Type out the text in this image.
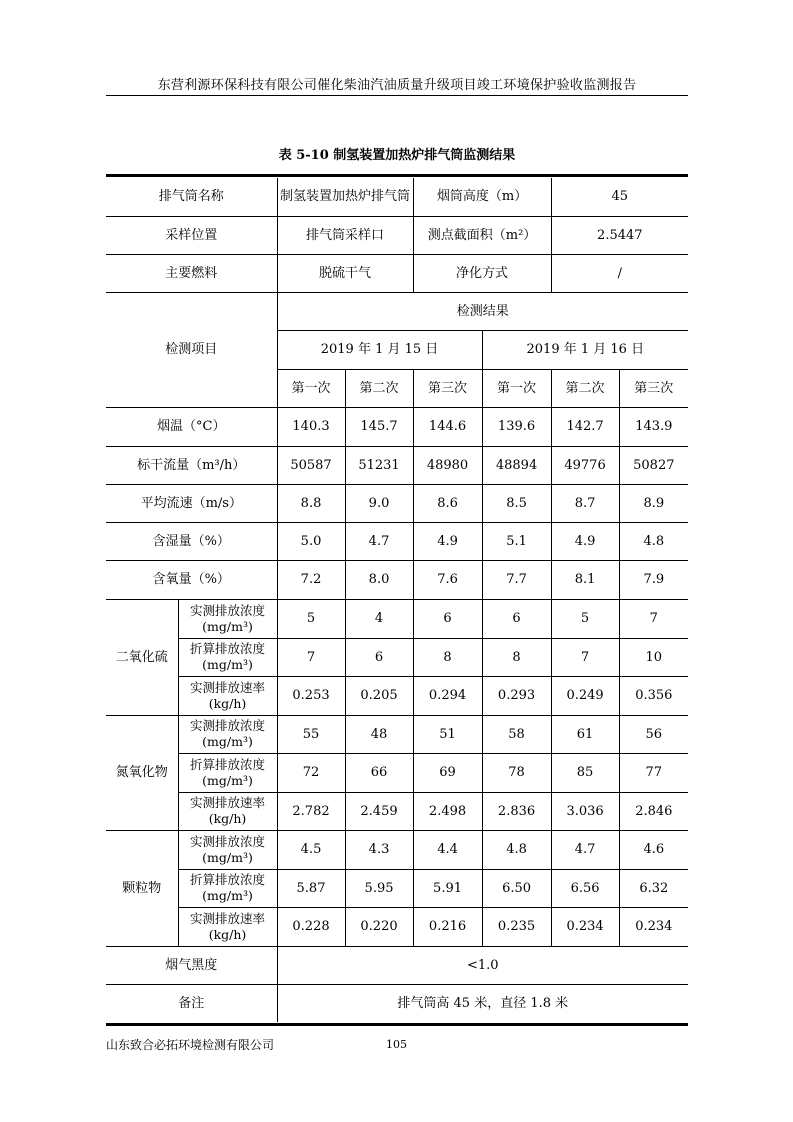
东营利源环保科技有限公司催化柴油汽油质量升级项目竣工环境保护验收监测报告
表 5-10 制氢装置加热炉排气筒监测结果
排气筒名称		制氢装置加热炉排气筒		烟筒高度（m）		45	
采样位置		排气筒采样口		测点截面积（m²）		2.5447	
主要燃料		脱硫干气		净化方式		/	
检测项目		检测结果					
		2019 年 1 月 15 日			2019 年 1 月 16 日		
		第一次	第二次	第三次	第一次	第二次	第三次
烟温（°C）		140.3	145.7	144.6	139.6	142.7	143.9
标干流量（m³/h）		50587	51231	48980	48894	49776	50827
平均流速（m/s）		8.8	9.0	8.6	8.5	8.7	8.9
含湿量（%）		5.0	4.7	4.9	5.1	4.9	4.8
含氧量（%）		7.2	8.0	7.6	7.7	8.1	7.9
二氧化硫	实测排放浓度
(mg/m³)	5	4	6	6	5	7
	折算排放浓度
(mg/m³)	7	6	8	8	7	10
	实测排放速率
(kg/h)	0.253	0.205	0.294	0.293	0.249	0.356
氮氧化物	实测排放浓度
(mg/m³)	55	48	51	58	61	56
	折算排放浓度
(mg/m³)	72	66	69	78	85	77
	实测排放速率
(kg/h)	2.782	2.459	2.498	2.836	3.036	2.846
颗粒物	实测排放浓度
(mg/m³)	4.5	4.3	4.4	4.8	4.7	4.6
	折算排放浓度
(mg/m³)	5.87	5.95	5.91	6.50	6.56	6.32
	实测排放速率
(kg/h)	0.228	0.220	0.216	0.235	0.234	0.234
烟气黑度		<1.0					
备注		排气筒高 45 米，直径 1.8 米					
山东致合必拓环境检测有限公司	105
